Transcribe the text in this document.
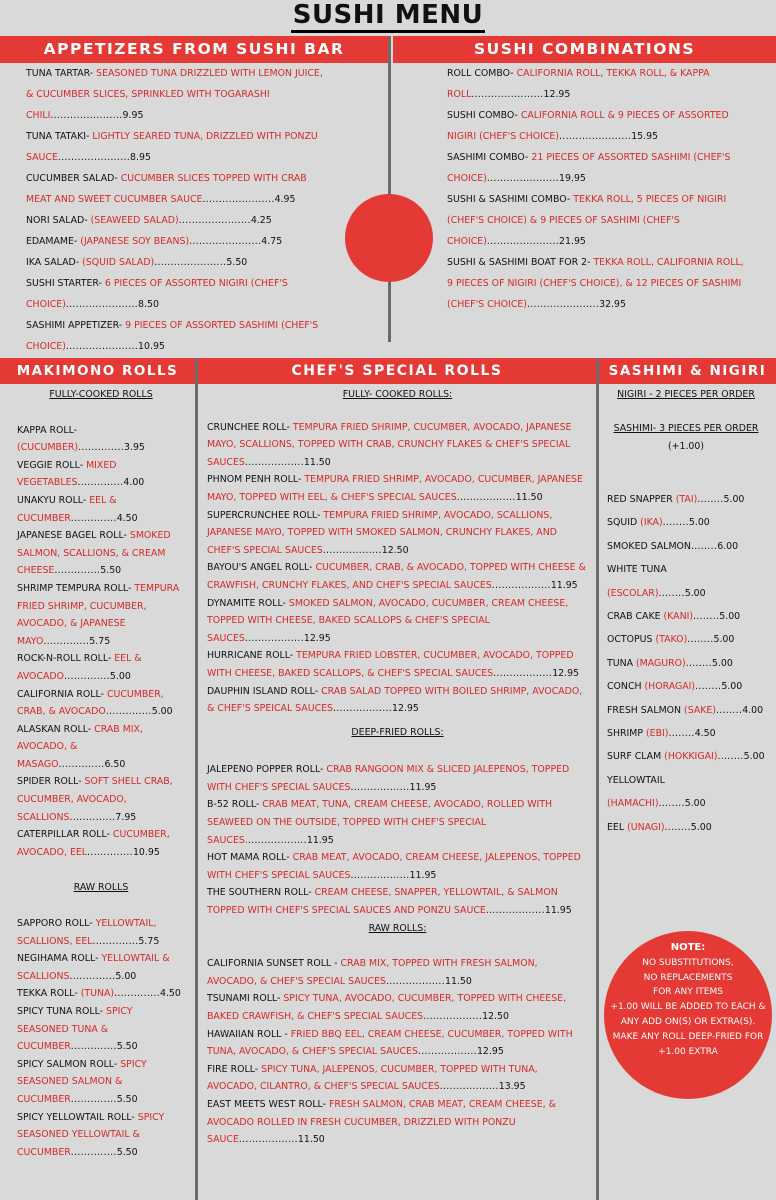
SUSHI MENU
APPETIZERS FROM SUSHI BAR	SUSHI COMBINATIONS

TUNA TARTAR- SEASONED TUNA DRIZZLED WITH LEMON JUICE, & CUCUMBER SLICES, SPRINKLED WITH TOGARASHI CHILI......................9.95

TUNA TATAKI- LIGHTLY SEARED TUNA, DRIZZLED WITH PONZU SAUCE......................8.95

CUCUMBER SALAD- CUCUMBER SLICES TOPPED WITH CRAB MEAT AND SWEET CUCUMBER SAUCE......................4.95

NORI SALAD- (SEAWEED SALAD)......................4.25

EDAMAME- (JAPANESE SOY BEANS)......................4.75

IKA SALAD- (SQUID SALAD)......................5.50

SUSHI STARTER- 6 PIECES OF ASSORTED NIGIRI (CHEF'S CHOICE)......................8.50

SASHIMI APPETIZER- 9 PIECES OF ASSORTED SASHIMI (CHEF'S CHOICE)......................10.95

ROLL COMBO- CALIFORNIA ROLL, TEKKA ROLL, & KAPPA ROLL......................12.95

SUSHI COMBO- CALIFORNIA ROLL & 9 PIECES OF ASSORTED NIGIRI (CHEF'S CHOICE)......................15.95

SASHIMI COMBO- 21 PIECES OF ASSORTED SASHIMI (CHEF'S CHOICE)......................19.95

SUSHI & SASHIMI COMBO- TEKKA ROLL, 5 PIECES OF NIGIRI (CHEF'S CHOICE) & 9 PIECES OF SASHIMI (CHEF'S CHOICE)......................21.95

SUSHI & SASHIMI BOAT FOR 2- TEKKA ROLL, CALIFORNIA ROLL, 9 PIECES OF NIGIRI (CHEF'S CHOICE), & 12 PIECES OF SASHIMI (CHEF'S CHOICE)......................32.95

MAKIMONO ROLLS	CHEF'S SPECIAL ROLLS	SASHIMI & NIGIRI

FULLY-COOKED ROLLS

KAPPA ROLL- (CUCUMBER)..............3.95

VEGGIE ROLL- MIXED VEGETABLES..............4.00

UNAKYU ROLL- EEL & CUCUMBER..............4.50

JAPANESE BAGEL ROLL- SMOKED SALMON, SCALLIONS, & CREAM CHEESE..............5.50

SHRIMP TEMPURA ROLL- TEMPURA FRIED SHRIMP, CUCUMBER, AVOCADO, & JAPANESE MAYO..............5.75

ROCK-N-ROLL ROLL- EEL & AVOCADO..............5.00

CALIFORNIA ROLL- CUCUMBER, CRAB, & AVOCADO..............5.00

ALASKAN ROLL- CRAB MIX, AVOCADO, & MASAGO..............6.50

SPIDER ROLL- SOFT SHELL CRAB, CUCUMBER, AVOCADO, SCALLIONS..............7.95

CATERPILLAR ROLL- CUCUMBER, AVOCADO, EEL..............10.95

RAW ROLLS

SAPPORO ROLL- YELLOWTAIL, SCALLIONS, EEL..............5.75

NEGIHAMA ROLL- YELLOWTAIL & SCALLIONS..............5.00

TEKKA ROLL- (TUNA)..............4.50

SPICY TUNA ROLL- SPICY SEASONED TUNA & CUCUMBER..............5.50

SPICY SALMON ROLL- SPICY SEASONED SALMON & CUCUMBER..............5.50

SPICY YELLOWTAIL ROLL- SPICY SEASONED YELLOWTAIL & CUCUMBER..............5.50

FULLY- COOKED ROLLS:

CRUNCHEE ROLL- TEMPURA FRIED SHRIMP, CUCUMBER, AVOCADO, JAPANESE MAYO, SCALLIONS, TOPPED WITH CRAB, CRUNCHY FLAKES & CHEF'S SPECIAL SAUCES..................11.50

PHNOM PENH ROLL- TEMPURA FRIED SHRIMP, AVOCADO, CUCUMBER, JAPANESE MAYO, TOPPED WITH EEL, & CHEF'S SPECIAL SAUCES..................11.50

SUPERCRUNCHEE ROLL- TEMPURA FRIED SHRIMP, AVOCADO, SCALLIONS, JAPANESE MAYO, TOPPED WITH SMOKED SALMON, CRUNCHY FLAKES, AND CHEF'S SPECIAL SAUCES..................12.50

BAYOU'S ANGEL ROLL- CUCUMBER, CRAB, & AVOCADO, TOPPED WITH CHEESE & CRAWFISH, CRUNCHY FLAKES, AND CHEF'S SPECIAL SAUCES..................11.95

DYNAMITE ROLL- SMOKED SALMON, AVOCADO, CUCUMBER, CREAM CHEESE, TOPPED WITH CHEESE, BAKED SCALLOPS & CHEF'S SPECIAL SAUCES..................12.95

HURRICANE ROLL- TEMPURA FRIED LOBSTER, CUCUMBER, AVOCADO, TOPPED WITH CHEESE, BAKED SCALLOPS, & CHEF'S SPECIAL SAUCES..................12.95

DAUPHIN ISLAND ROLL- CRAB SALAD TOPPED WITH BOILED SHRIMP, AVOCADO, & CHEF'S SPEICAL SAUCES..................12.95

DEEP-FRIED ROLLS:

JALEPENO POPPER ROLL- CRAB RANGOON MIX & SLICED JALEPENOS, TOPPED WITH CHEF'S SPECIAL SAUCES..................11.95

B-52 ROLL- CRAB MEAT, TUNA, CREAM CHEESE, AVOCADO, ROLLED WITH SEAWEED ON THE OUTSIDE, TOPPED WITH CHEF'S SPECIAL SAUCES...................11.95

HOT MAMA ROLL- CRAB MEAT, AVOCADO, CREAM CHEESE, JALEPENOS, TOPPED WITH CHEF'S SPECIAL SAUCES..................11.95

THE SOUTHERN ROLL- CREAM CHEESE, SNAPPER, YELLOWTAIL, & SALMON TOPPED WITH CHEF'S SPECIAL SAUCES AND PONZU SAUCE..................11.95

RAW ROLLS:

CALIFORNIA SUNSET ROLL - CRAB MIX, TOPPED WITH FRESH SALMON, AVOCADO, & CHEF'S SPECIAL SAUCES..................11.50

TSUNAMI ROLL- SPICY TUNA, AVOCADO, CUCUMBER, TOPPED WITH CHEESE, BAKED CRAWFISH, & CHEF'S SPECIAL SAUCES..................12.50

HAWAIIAN ROLL - FRIED BBQ EEL, CREAM CHEESE, CUCUMBER, TOPPED WITH TUNA, AVOCADO, & CHEF'S SPECIAL SAUCES..................12.95

FIRE ROLL- SPICY TUNA, JALEPENOS, CUCUMBER, TOPPED WITH TUNA, AVOCADO, CILANTRO, & CHEF'S SPECIAL SAUCES..................13.95

EAST MEETS WEST ROLL- FRESH SALMON, CRAB MEAT, CREAM CHEESE, & AVOCADO ROLLED IN FRESH CUCUMBER, DRIZZLED WITH PONZU SAUCE..................11.50

NIGIRI - 2 PIECES PER ORDER

SASHIMI- 3 PIECES PER ORDER

(+1.00)

RED SNAPPER (TAI)........5.00

SQUID (IKA)........5.00

SMOKED SALMON........6.00

WHITE TUNA (ESCOLAR)........5.00

CRAB CAKE (KANI)........5.00

OCTOPUS (TAKO)........5.00

TUNA (MAGURO)........5.00

CONCH (HORAGAI)........5.00

FRESH SALMON (SAKE)........4.00

SHRIMP (EBI)........4.50

SURF CLAM (HOKKIGAI)........5.00

YELLOWTAIL (HAMACHI)........5.00

EEL (UNAGI)........5.00

NOTE:
NO SUBSTITUTIONS,
NO REPLACEMENTS
FOR ANY ITEMS
+1.00 WILL BE ADDED TO EACH &
ANY ADD ON(S) OR EXTRA(S).
MAKE ANY ROLL DEEP-FRIED FOR
+1.00 EXTRA
